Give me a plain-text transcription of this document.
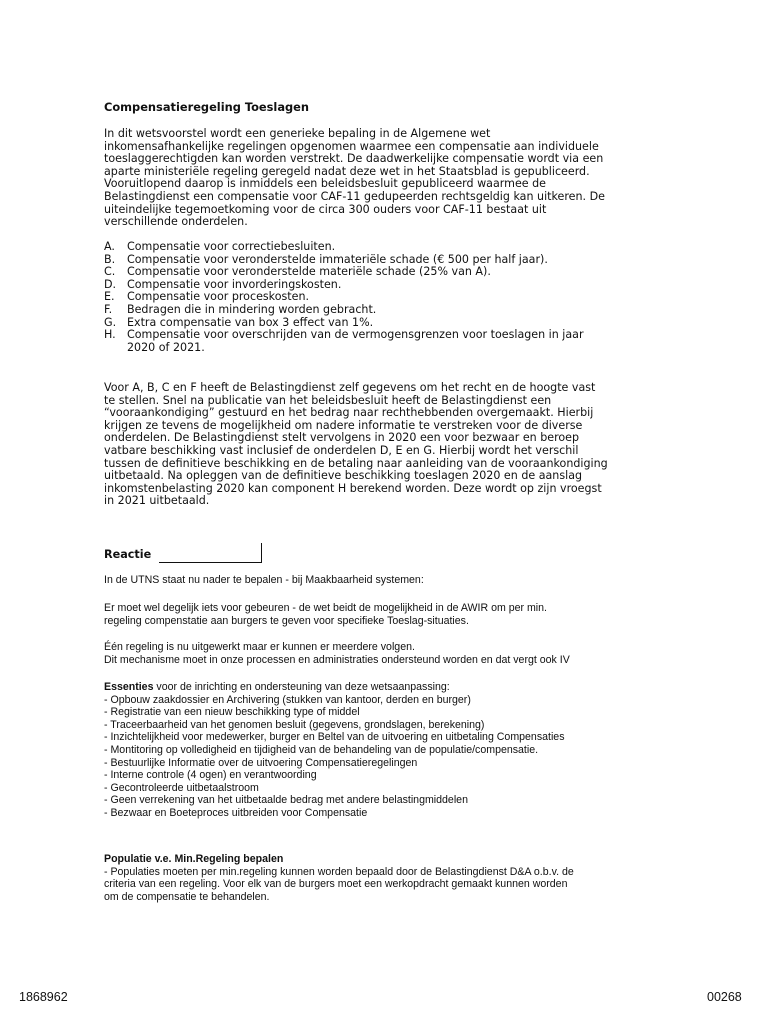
Compensatieregeling Toeslagen
In dit wetsvoorstel wordt een generieke bepaling in de Algemene wet
inkomensafhankelijke regelingen opgenomen waarmee een compensatie aan individuele
toeslaggerechtigden kan worden verstrekt. De daadwerkelijke compensatie wordt via een
aparte ministeriële regeling geregeld nadat deze wet in het Staatsblad is gepubliceerd.
Vooruitlopend daarop is inmiddels een beleidsbesluit gepubliceerd waarmee de
Belastingdienst een compensatie voor CAF-11 gedupeerden rechtsgeldig kan uitkeren. De
uiteindelijke tegemoetkoming voor de circa 300 ouders voor CAF-11 bestaat uit
verschillende onderdelen.
A. Compensatie voor correctiebesluiten.
B. Compensatie voor veronderstelde immateriële schade (€ 500 per half jaar).
C. Compensatie voor veronderstelde materiële schade (25% van A).
D. Compensatie voor invorderingskosten.
E. Compensatie voor proceskosten.
F. Bedragen die in mindering worden gebracht.
G. Extra compensatie van box 3 effect van 1%.
H. Compensatie voor overschrijden van de vermogensgrenzen voor toeslagen in jaar
2020 of 2021.
Voor A, B, C en F heeft de Belastingdienst zelf gegevens om het recht en de hoogte vast
te stellen. Snel na publicatie van het beleidsbesluit heeft de Belastingdienst een
“vooraankondiging” gestuurd en het bedrag naar rechthebbenden overgemaakt. Hierbij
krijgen ze tevens de mogelijkheid om nadere informatie te verstreken voor de diverse
onderdelen. De Belastingdienst stelt vervolgens in 2020 een voor bezwaar en beroep
vatbare beschikking vast inclusief de onderdelen D, E en G. Hierbij wordt het verschil
tussen de definitieve beschikking en de betaling naar aanleiding van de vooraankondiging
uitbetaald. Na opleggen van de definitieve beschikking toeslagen 2020 en de aanslag
inkomstenbelasting 2020 kan component H berekend worden. Deze wordt op zijn vroegst
in 2021 uitbetaald.
Reactie
In de UTNS staat nu nader te bepalen - bij Maakbaarheid systemen:
Er moet wel degelijk iets voor gebeuren - de wet beidt de mogelijkheid in de AWIR om per min.
regeling compenstatie aan burgers te geven voor specifieke Toeslag-situaties.
Één regeling is nu uitgewerkt maar er kunnen er meerdere volgen.
Dit mechanisme moet in onze processen en administraties ondersteund worden en dat vergt ook IV
Essenties voor de inrichting en ondersteuning van deze wetsaanpassing:
- Opbouw zaakdossier en Archivering (stukken van kantoor, derden en burger)
- Registratie van een nieuw beschikking type of middel
- Traceerbaarheid van het genomen besluit (gegevens, grondslagen, berekening)
- Inzichtelijkheid voor medewerker, burger en Beltel van de uitvoering en uitbetaling Compensaties
- Montitoring op volledigheid en tijdigheid van de behandeling van de populatie/compensatie.
- Bestuurlijke Informatie over de uitvoering Compensatieregelingen
- Interne controle (4 ogen) en verantwoording
- Gecontroleerde uitbetaalstroom
- Geen verrekening van het uitbetaalde bedrag met andere belastingmiddelen
- Bezwaar en Boeteproces uitbreiden voor Compensatie
Populatie v.e. Min.Regeling bepalen
- Populaties moeten per min.regeling kunnen worden bepaald door de Belastingdienst D&A o.b.v. de
criteria van een regeling. Voor elk van de burgers moet een werkopdracht gemaakt kunnen worden
om de compensatie te behandelen.
1868962	00268
